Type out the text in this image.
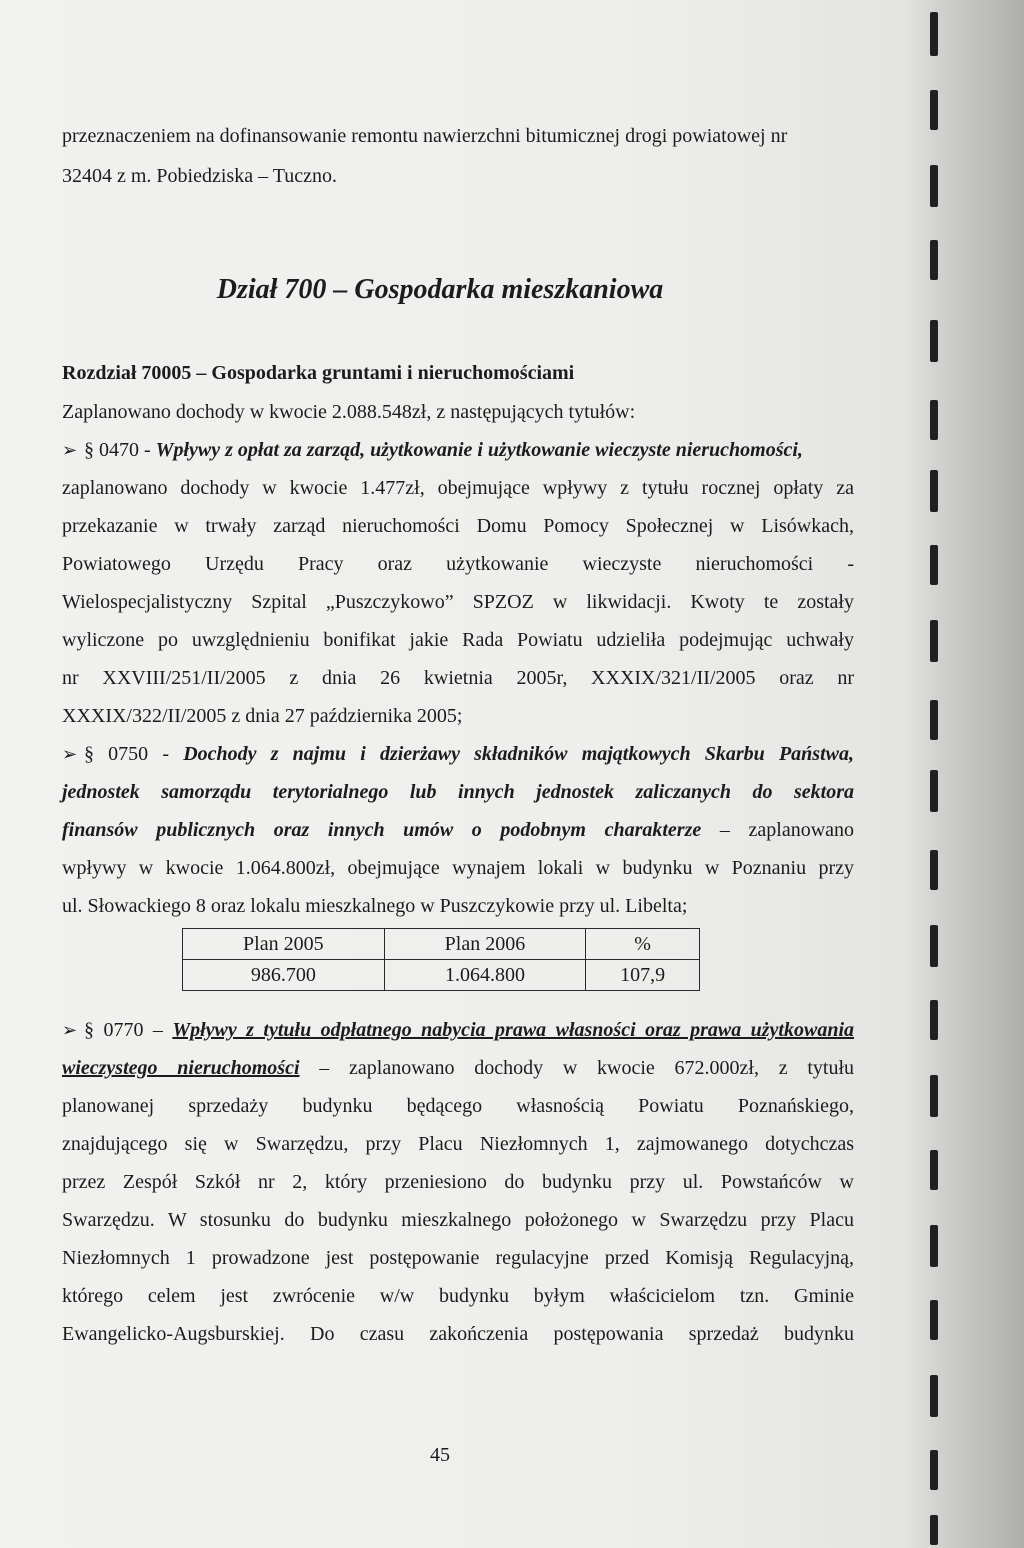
przeznaczeniem na dofinansowanie remontu nawierzchni bitumicznej drogi powiatowej nr
32404 z m. Pobiedziska – Tuczno.
Dział 700 – Gospodarka mieszkaniowa
Rozdział 70005 – Gospodarka gruntami i nieruchomościami
Zaplanowano dochody w kwocie 2.088.548zł, z następujących tytułów:
➢ § 0470 - Wpływy z opłat za zarząd, użytkowanie i użytkowanie wieczyste nieruchomości,
zaplanowano dochody w kwocie 1.477zł, obejmujące wpływy z tytułu rocznej opłaty za
przekazanie w trwały zarząd nieruchomości Domu Pomocy Społecznej w Lisówkach,
Powiatowego Urzędu Pracy oraz użytkowanie wieczyste nieruchomości -
Wielospecjalistyczny Szpital „Puszczykowo” SPZOZ w likwidacji. Kwoty te zostały
wyliczone po uwzględnieniu bonifikat jakie Rada Powiatu udzieliła podejmując uchwały
nr XXVIII/251/II/2005 z dnia 26 kwietnia 2005r, XXXIX/321/II/2005 oraz nr
XXXIX/322/II/2005 z dnia 27 października 2005;
➢ § 0750 - Dochody z najmu i dzierżawy składników majątkowych Skarbu Państwa,
jednostek samorządu terytorialnego lub innych jednostek zaliczanych do sektora
finansów publicznych oraz innych umów o podobnym charakterze – zaplanowano
wpływy w kwocie 1.064.800zł, obejmujące wynajem lokali w budynku w Poznaniu przy
ul. Słowackiego 8 oraz lokalu mieszkalnego w Puszczykowie przy ul. Libelta;
Plan 2005	Plan 2006	%
986.700	1.064.800	107,9
➢ § 0770 – Wpływy z tytułu odpłatnego nabycia prawa własności oraz prawa użytkowania
wieczystego nieruchomości – zaplanowano dochody w kwocie 672.000zł, z tytułu
planowanej sprzedaży budynku będącego własnością Powiatu Poznańskiego,
znajdującego się w Swarzędzu, przy Placu Niezłomnych 1, zajmowanego dotychczas
przez Zespół Szkół nr 2, który przeniesiono do budynku przy ul. Powstańców w
Swarzędzu. W stosunku do budynku mieszkalnego położonego w Swarzędzu przy Placu
Niezłomnych 1 prowadzone jest postępowanie regulacyjne przed Komisją Regulacyjną,
którego celem jest zwrócenie w/w budynku byłym właścicielom tzn. Gminie
Ewangelicko-Augsburskiej. Do czasu zakończenia postępowania sprzedaż budynku
45
